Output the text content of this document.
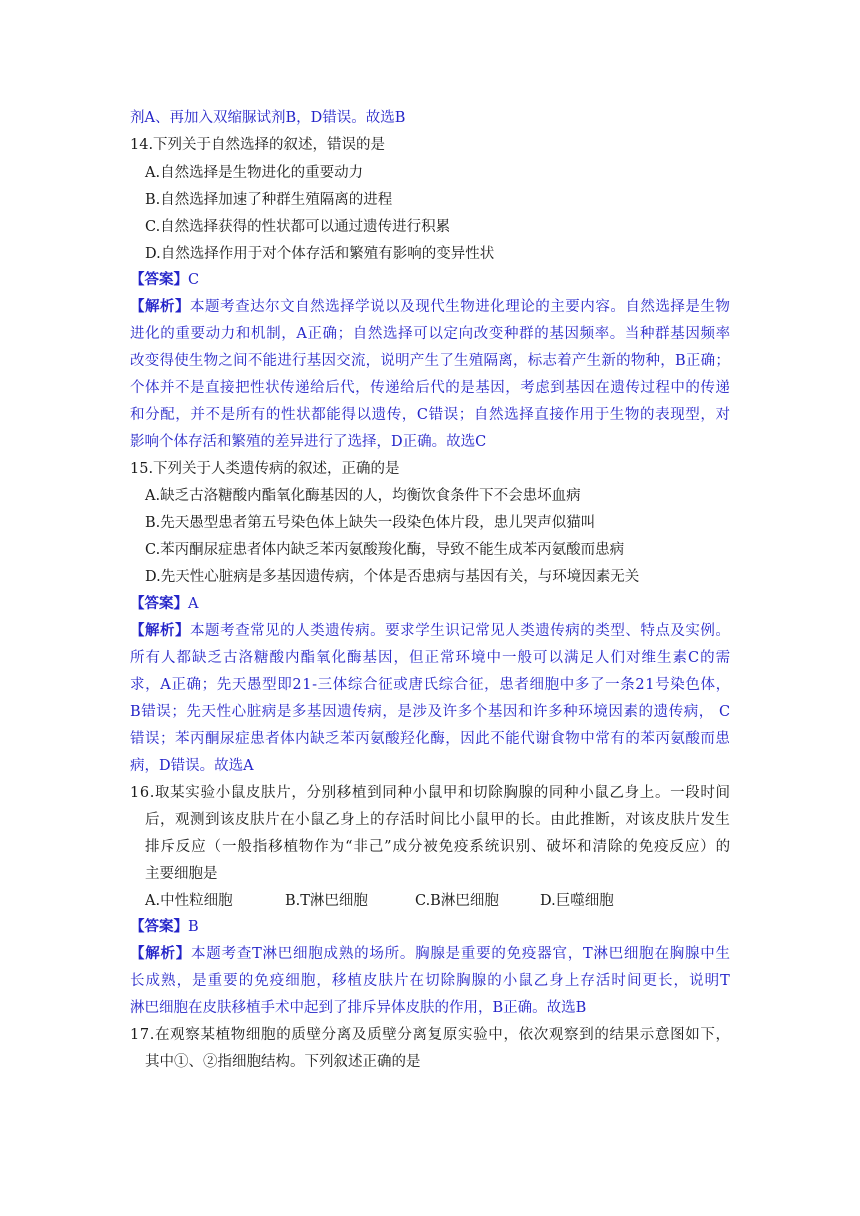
剂A、再加入双缩脲试剂B，D错误。故选B
14.下列关于自然选择的叙述，错误的是
A.自然选择是生物进化的重要动力
B.自然选择加速了种群生殖隔离的进程
C.自然选择获得的性状都可以通过遗传进行积累
D.自然选择作用于对个体存活和繁殖有影响的变异性状
【答案】C
【解析】本题考查达尔文自然选择学说以及现代生物进化理论的主要内容。自然选择是生物
进化的重要动力和机制，A正确；自然选择可以定向改变种群的基因频率。当种群基因频率
改变得使生物之间不能进行基因交流，说明产生了生殖隔离，标志着产生新的物种，B正确；
个体并不是直接把性状传递给后代，传递给后代的是基因，考虑到基因在遗传过程中的传递
和分配，并不是所有的性状都能得以遗传，C错误；自然选择直接作用于生物的表现型，对
影响个体存活和繁殖的差异进行了选择，D正确。故选C
15.下列关于人类遗传病的叙述，正确的是
A.缺乏古洛糖酸内酯氧化酶基因的人，均衡饮食条件下不会患坏血病
B.先天愚型患者第五号染色体上缺失一段染色体片段，患儿哭声似猫叫
C.苯丙酮尿症患者体内缺乏苯丙氨酸羧化酶，导致不能生成苯丙氨酸而患病
D.先天性心脏病是多基因遗传病，个体是否患病与基因有关，与环境因素无关
【答案】A
【解析】本题考查常见的人类遗传病。要求学生识记常见人类遗传病的类型、特点及实例。
所有人都缺乏古洛糖酸内酯氧化酶基因，但正常环境中一般可以满足人们对维生素C的需
求，A正确；先天愚型即21-三体综合征或唐氏综合征，患者细胞中多了一条21号染色体，
B错误；先天性心脏病是多基因遗传病，是涉及许多个基因和许多种环境因素的遗传病， C
错误；苯丙酮尿症患者体内缺乏苯丙氨酸羟化酶，因此不能代谢食物中常有的苯丙氨酸而患
病，D错误。故选A
16.取某实验小鼠皮肤片，分别移植到同种小鼠甲和切除胸腺的同种小鼠乙身上。一段时间
后，观测到该皮肤片在小鼠乙身上的存活时间比小鼠甲的长。由此推断，对该皮肤片发生
排斥反应（一般指移植物作为“非己”成分被免疫系统识别、破坏和清除的免疫反应）的
主要细胞是
A.中性粒细胞	B.T淋巴细胞	C.B淋巴细胞	D.巨噬细胞
【答案】B
【解析】本题考查T淋巴细胞成熟的场所。胸腺是重要的免疫器官，T淋巴细胞在胸腺中生
长成熟，是重要的免疫细胞，移植皮肤片在切除胸腺的小鼠乙身上存活时间更长，说明T
淋巴细胞在皮肤移植手术中起到了排斥异体皮肤的作用，B正确。故选B
17.在观察某植物细胞的质壁分离及质壁分离复原实验中，依次观察到的结果示意图如下，
其中①、②指细胞结构。下列叙述正确的是
